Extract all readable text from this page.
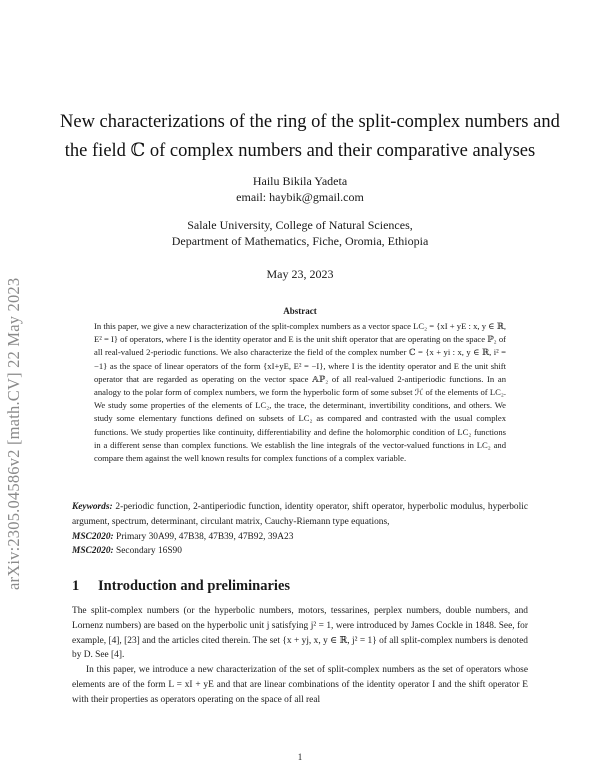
arXiv:2305.04586v2 [math.CV] 22 May 2023
New characterizations of the ring of the split-complex numbers and
the field ℂ of complex numbers and their comparative analyses
Hailu Bikila Yadeta
email: haybik@gmail.com
Salale University, College of Natural Sciences,
Department of Mathematics, Fiche, Oromia, Ethiopia
May 23, 2023
Abstract
In this paper, we give a new characterization of the split-complex numbers as a vector space LC₂ = {xI + yE : x, y ∈ ℝ, E² = I} of operators, where I is the identity operator and E is the unit shift operator that are operating on the space ℙ₂ of all real-valued 2-periodic functions. We also characterize the field of the complex number ℂ = {x + yi : x, y ∈ ℝ, i² = −1} as the space of linear operators of the form {xI+yE, E² = −I}, where I is the identity operator and E the unit shift operator that are regarded as operating on the vector space 𝔸ℙ₂ of all real-valued 2-antiperiodic functions. In an analogy to the polar form of complex numbers, we form the hyperbolic form of some subset ℋ of the elements of LC₂. We study some properties of the elements of LC₂, the trace, the determinant, invertibility conditions, and others. We study some elementary functions defined on subsets of LC₂ as compared and contrasted with the usual complex functions. We study properties like continuity, differentiability and define the holomorphic condition of LC₂ functions in a different sense than complex functions. We establish the line integrals of the vector-valued functions in LC₂ and compare them against the well known results for complex functions of a complex variable.
Keywords: 2-periodic function, 2-antiperiodic function, identity operator, shift operator, hyperbolic modulus, hyperbolic argument, spectrum, determinant, circulant matrix, Cauchy-Riemann type equations,
MSC2020: Primary 30A99, 47B38, 47B39, 47B92, 39A23
MSC2020: Secondary 16S90
1 Introduction and preliminaries

The split-complex numbers (or the hyperbolic numbers, motors, tessarines, perplex numbers, double numbers, and Lornenz numbers) are based on the hyperbolic unit j satisfying j² = 1, were introduced by James Cockle in 1848. See, for example, [4], [23] and the articles cited therein. The set {x + yj, x, y ∈ ℝ, j² = 1} of all split-complex numbers is denoted by D. See [4].

In this paper, we introduce a new characterization of the set of split-complex numbers as the set of operators whose elements are of the form L = xI + yE and that are linear combinations of the identity operator I and the shift operator E with their properties as operators operating on the space of all real

1
